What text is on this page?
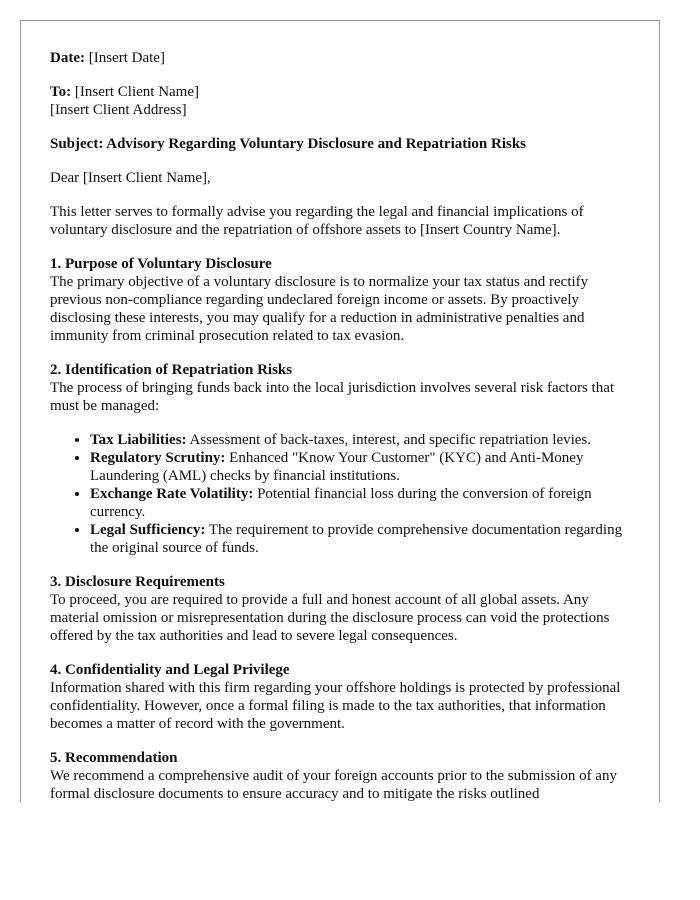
Date: [Insert Date]

To: [Insert Client Name]

[Insert Client Address]

Subject: Advisory Regarding Voluntary Disclosure and Repatriation Risks

Dear [Insert Client Name],

This letter serves to formally advise you regarding the legal and financial implications of voluntary disclosure and the repatriation of offshore assets to [Insert Country Name].

1. Purpose of Voluntary Disclosure

The primary objective of a voluntary disclosure is to normalize your tax status and rectify previous non-compliance regarding undeclared foreign income or assets. By proactively disclosing these interests, you may qualify for a reduction in administrative penalties and immunity from criminal prosecution related to tax evasion.

2. Identification of Repatriation Risks

The process of bringing funds back into the local jurisdiction involves several risk factors that must be managed:

• Tax Liabilities: Assessment of back-taxes, interest, and specific repatriation levies.
• Regulatory Scrutiny: Enhanced "Know Your Customer" (KYC) and Anti-Money Laundering (AML) checks by financial institutions.
• Exchange Rate Volatility: Potential financial loss during the conversion of foreign currency.
• Legal Sufficiency: The requirement to provide comprehensive documentation regarding the original source of funds.

3. Disclosure Requirements

To proceed, you are required to provide a full and honest account of all global assets. Any material omission or misrepresentation during the disclosure process can void the protections offered by the tax authorities and lead to severe legal consequences.

4. Confidentiality and Legal Privilege

Information shared with this firm regarding your offshore holdings is protected by professional confidentiality. However, once a formal filing is made to the tax authorities, that information becomes a matter of record with the government.

5. Recommendation

We recommend a comprehensive audit of your foreign accounts prior to the submission of any formal disclosure documents to ensure accuracy and to mitigate the risks outlined
